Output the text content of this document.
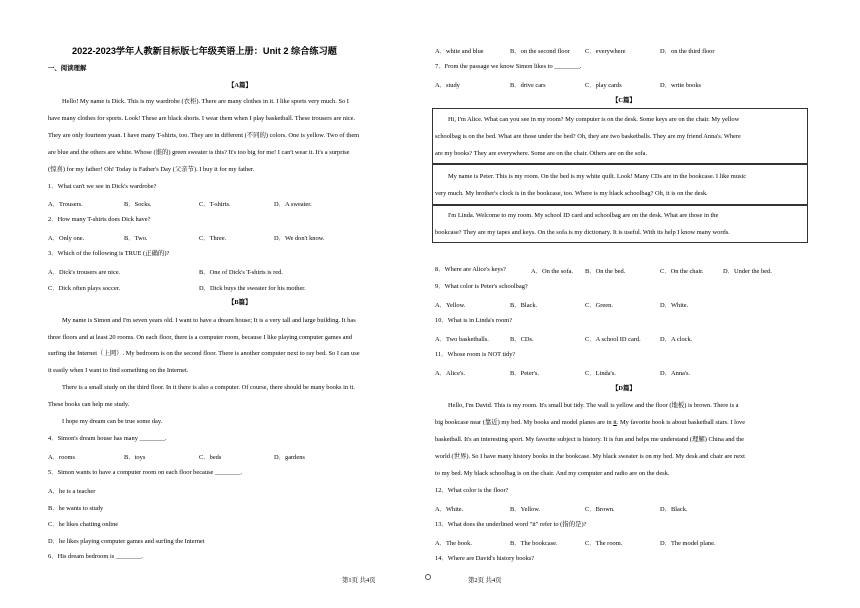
2022-2023学年人教新目标版七年级英语上册：Unit 2 综合练习题
一、阅读理解
【A篇】
Hello! My name is Dick. This is my wardrobe (衣柜). There are many clothes in it. I like sports very much. So I
have many clothes for sports. Look! These are black shorts. I wear them when I play basketball. These trousers are nice.
They are only fourteen yuan. I have many T-shirts, too. They are in different (不同的) colors. One is yellow. Two of them
are blue and the others are white. Whose (谁的) green sweater is this? It's too big for me! I can't wear it. It's a surprise
(惊喜) for my father! Oh! Today is Father's Day (父亲节). I buy it for my father.
1．What can't we see in Dick's wardrobe?
A．Trousers.	B．Socks.	C．T-shirts.	D．A sweater.
2．How many T-shirts does Dick have?
A．Only one.	B．Two.	C．Three.	D．We don't know.
3．Which of the following is TRUE (正确的)?
A．Dick's trousers are nice.	B．One of Dick's T-shirts is red.
C．Dick often plays soccer.	D．Dick buys the sweater for his mother.
【B篇】
My name is Simon and I'm seven years old. I want to have a dream house; It is a very tall and large building. It has
three floors and at least 20 rooms. On each floor, there is a computer room, because I like playing computer games and
surfing the Internet（上网）. My bedroom is on the second floor. There is another computer next to ray bed. So I can use
it easily when I want to find something on the Internet.
There is a small study on the third floor. In it there is also a computer. Of course, there should be many books in it.
These books can help me study.
I hope my dream can be true some day.
4．Simon's dream house has many ________.
A．rooms	B．toys	C．beds	D．gardens
5．Simon wants to have a computer room on each floor because ________.
A．he is a teacher
B．he wants to study
C．he likes chatting online
D．he likes playing computer games and surfing the Internet
6．His dream bedroom is ________.
A．white and blue	B．on the second floor C．everywhere	D．on the third floor
7．From the passage we know Simon likes to ________.
A．study	B．drive cars	C．play cards	D．write books
【C篇】
Hi, I'm Alice. What can you see in my room? My computer is on the desk. Some keys are on the chair. My yellow
schoolbag is on the bed. What are those under the bed? Oh, they are two basketballs. They are my friend Anna's. Where
are my books? They are everywhere. Some are on the chair. Others are on the sofa.
My name is Peter. This is my room. On the bed is my white quilt. Look! Many CDs are in the bookcase. I like music
very much. My brother's clock is in the bookcase, too. Where is my black schoolbag? Oh, it is on the desk.
I'm Linda. Welcome to my room. My school ID card and schoolbag are on the desk. What are those in the
bookcase? They are my tapes and keys. On the sofa is my dictionary. It is useful. With its help I know many words.
8．Where are Alice's keys?	A．On the sofa. B．On the bed.	C．On the chair.	D．Under the bed.
9．What color is Peter's schoolbag?
A．Yellow.	B．Black.	C．Green.	D．White.
10．What is in Linda's room?
A．Two basketballs.	B．CDs.	C．A school ID card.	D．A clock.
11．Whose room is NOT tidy?
A．Alice's.	B．Peter's.	C．Linda's.	D．Anna's.
【D篇】
Hello, I'm David. This is my room. It's small but tidy. The wall is yellow and the floor (地板) is brown. There is a
big bookcase near (靠近) my bed. My books and model planes are in it. My favorite book is about basketball stars. I love
basketball. It's an interesting sport. My favorite subject is history. It is fun and helps me understand (理解) China and the
world (世界). So I have many history books in the bookcase. My black sweater is on my bed. My desk and chair are next
to my bed. My black schoolbag is on the chair. And my computer and radio are on the desk.
12．What color is the floor?
A．White.	B．Yellow.	C．Brown.	D．Black.
13．What does the underlined word "it" refer to (指的是)?
A．The book.	B．The bookcase.	C．The room.	D．The model plane.
14．Where are David's history books?
第1页 共4页	第2页 共4页
